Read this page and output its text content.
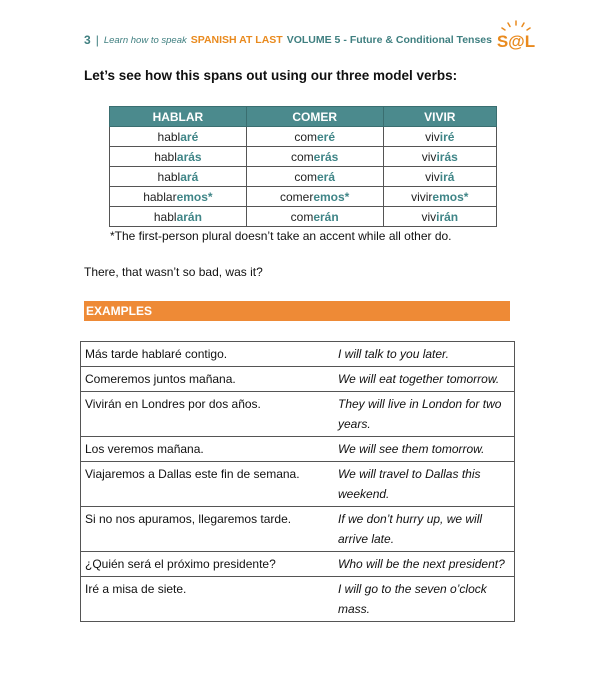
3 | Learn how to speak SPANISH AT LAST VOLUME 5 - Future & Conditional Tenses S@L
Let’s see how this spans out using our three model verbs:
HABLAR	COMER	VIVIR
hablaré	comeré	viviré
hablarás	comerás	vivirás
hablará	comerá	vivirá
hablaremos*	comeremos*	viviremos*
hablarán	comerán	vivirán
*The first-person plural doesn’t take an accent while all other do.
There, that wasn’t so bad, was it?
EXAMPLES
Más tarde hablaré contigo.	I will talk to you later.
Comeremos juntos mañana.	We will eat together tomorrow.
Vivirán en Londres por dos años.	They will live in London for two years.
Los veremos mañana.	We will see them tomorrow.
Viajaremos a Dallas este fin de semana.	We will travel to Dallas this weekend.
Si no nos apuramos, llegaremos tarde.	If we don’t hurry up, we will arrive late.
¿Quién será el próximo presidente?	Who will be the next president?
Iré a misa de siete.	I will go to the seven o’clock mass.
